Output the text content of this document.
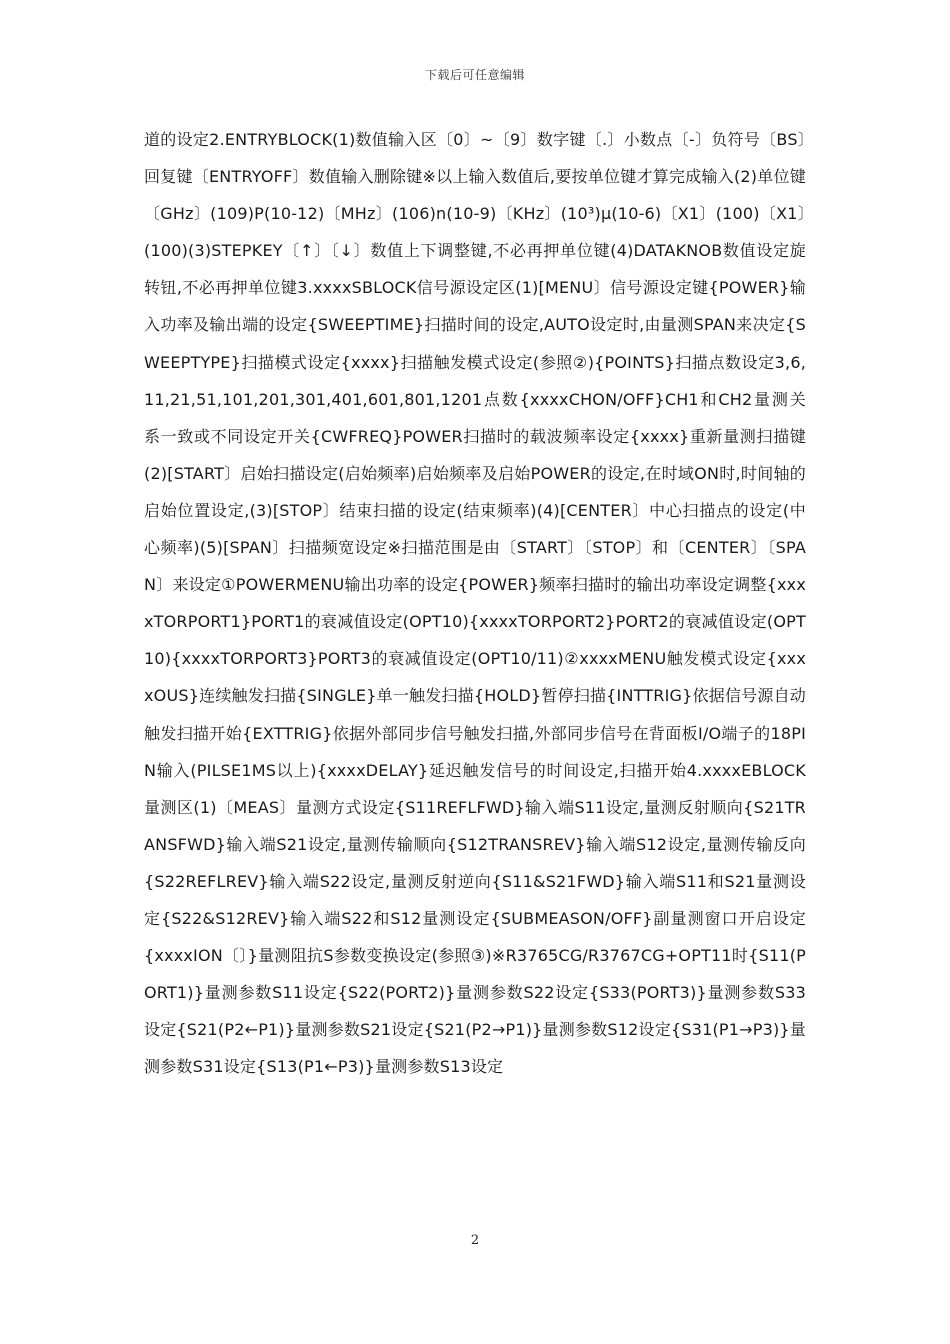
下载后可任意编辑

道的设定2.ENTRYBLOCK(1)数值输入区〔0〕~〔9〕数字键〔.〕小数点〔-〕负符号〔BS〕回复键〔ENTRYOFF〕数值输入删除键※以上输入数值后,要按单位键才算完成输入(2)单位键〔GHz〕(109)P(10-12)〔MHz〕(106)n(10-9)〔KHz〕(10³)μ(10-6)〔X1〕(100)〔X1〕(100)(3)STEPKEY〔↑〕〔↓〕数值上下调整键,不必再押单位键(4)DATAKNOB数值设定旋转钮,不必再押单位键3.xxxxSBLOCK信号源设定区(1)[MENU〕信号源设定键{POWER}输入功率及输出端的设定{SWEEPTIME}扫描时间的设定,AUTO设定时,由量测SPAN来决定{SWEEPTYPE}扫描模式设定{xxxx}扫描触发模式设定(参照②){POINTS}扫描点数设定3,6,11,21,51,101,201,301,401,601,801,1201点数{xxxxCHON/OFF}CH1和CH2量测关系一致或不同设定开关{CWFREQ}POWER扫描时的载波频率设定{xxxx}重新量测扫描键(2)[START〕启始扫描设定(启始频率)启始频率及启始POWER的设定,在时域ON时,时间轴的启始位置设定,(3)[STOP〕结束扫描的设定(结束频率)(4)[CENTER〕中心扫描点的设定(中心频率)(5)[SPAN〕扫描频宽设定※扫描范围是由〔START〕〔STOP〕和〔CENTER〕〔SPAN〕来设定①POWERMENU输出功率的设定{POWER}频率扫描时的输出功率设定调整{xxxxTORPORT1}PORT1的衰减值设定(OPT10){xxxxTORPORT2}PORT2的衰减值设定(OPT10){xxxxTORPORT3}PORT3的衰减值设定(OPT10/11)②xxxxMENU触发模式设定{xxxxOUS}连续触发扫描{SINGLE}单一触发扫描{HOLD}暂停扫描{INTTRIG}依据信号源自动触发扫描开始{EXTTRIG}依据外部同步信号触发扫描,外部同步信号在背面板I/O端子的18PIN输入(PILSE1MS以上){xxxxDELAY}延迟触发信号的时间设定,扫描开始4.xxxxEBLOCK量测区(1)〔MEAS〕量测方式设定{S11REFLFWD}输入端S11设定,量测反射顺向{S21TRANSFWD}输入端S21设定,量测传输顺向{S12TRANSREV}输入端S12设定,量测传输反向{S22REFLREV}输入端S22设定,量测反射逆向{S11&S21FWD}输入端S11和S21量测设定{S22&S12REV}输入端S22和S12量测设定{SUBMEASON/OFF}副量测窗口开启设定{xxxxION〔〕}量测阻抗S参数变换设定(参照③)※R3765CG/R3767CG+OPT11时{S11(PORT1)}量测参数S11设定{S22(PORT2)}量测参数S22设定{S33(PORT3)}量测参数S33设定{S21(P2←P1)}量测参数S21设定{S21(P2→P1)}量测参数S12设定{S31(P1→P3)}量测参数S31设定{S13(P1←P3)}量测参数S13设定

2
